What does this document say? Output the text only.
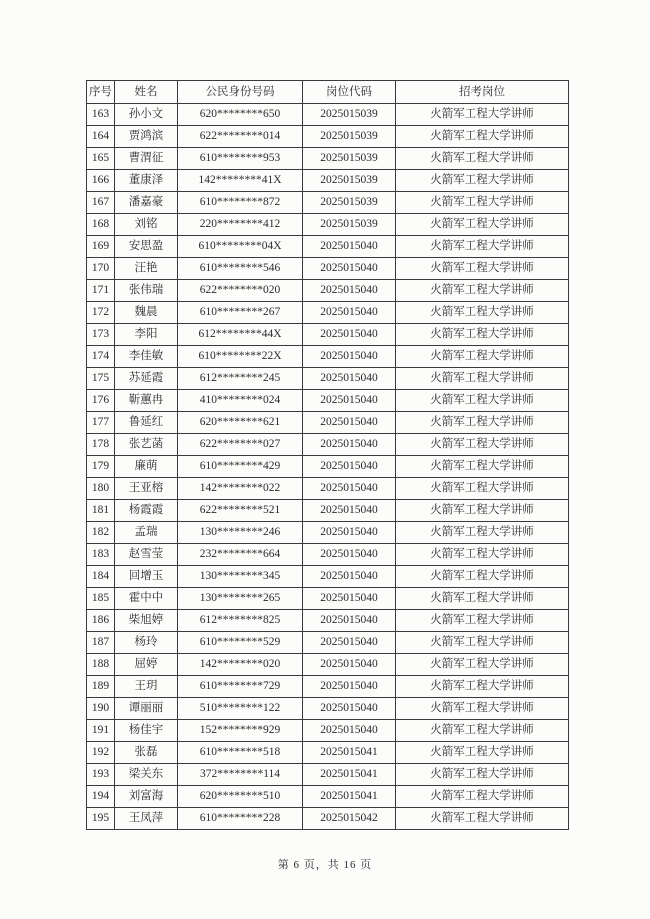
序号	姓名	公民身份号码	岗位代码	招考岗位
163	孙小文	620********650	2025015039	火箭军工程大学讲师
164	贾鸿滨	622********014	2025015039	火箭军工程大学讲师
165	曹渭征	610********953	2025015039	火箭军工程大学讲师
166	董康泽	142********41X	2025015039	火箭军工程大学讲师
167	潘嘉豪	610********872	2025015039	火箭军工程大学讲师
168	刘铭	220********412	2025015039	火箭军工程大学讲师
169	安思盈	610********04X	2025015040	火箭军工程大学讲师
170	汪艳	610********546	2025015040	火箭军工程大学讲师
171	张伟瑞	622********020	2025015040	火箭军工程大学讲师
172	魏晨	610********267	2025015040	火箭军工程大学讲师
173	李阳	612********44X	2025015040	火箭军工程大学讲师
174	李佳敏	610********22X	2025015040	火箭军工程大学讲师
175	苏延霞	612********245	2025015040	火箭军工程大学讲师
176	靳蕙冉	410********024	2025015040	火箭军工程大学讲师
177	鲁延红	620********621	2025015040	火箭军工程大学讲师
178	张艺菡	622********027	2025015040	火箭军工程大学讲师
179	廉萌	610********429	2025015040	火箭军工程大学讲师
180	王亚榕	142********022	2025015040	火箭军工程大学讲师
181	杨霞霞	622********521	2025015040	火箭军工程大学讲师
182	孟瑞	130********246	2025015040	火箭军工程大学讲师
183	赵雪莹	232********664	2025015040	火箭军工程大学讲师
184	回增玉	130********345	2025015040	火箭军工程大学讲师
185	霍中中	130********265	2025015040	火箭军工程大学讲师
186	柴旭婷	612********825	2025015040	火箭军工程大学讲师
187	杨玲	610********529	2025015040	火箭军工程大学讲师
188	屈婷	142********020	2025015040	火箭军工程大学讲师
189	王玥	610********729	2025015040	火箭军工程大学讲师
190	谭丽丽	510********122	2025015040	火箭军工程大学讲师
191	杨佳宇	152********929	2025015040	火箭军工程大学讲师
192	张磊	610********518	2025015041	火箭军工程大学讲师
193	梁关东	372********114	2025015041	火箭军工程大学讲师
194	刘富海	620********510	2025015041	火箭军工程大学讲师
195	王凤萍	610********228	2025015042	火箭军工程大学讲师
第 6 页，共 16 页
